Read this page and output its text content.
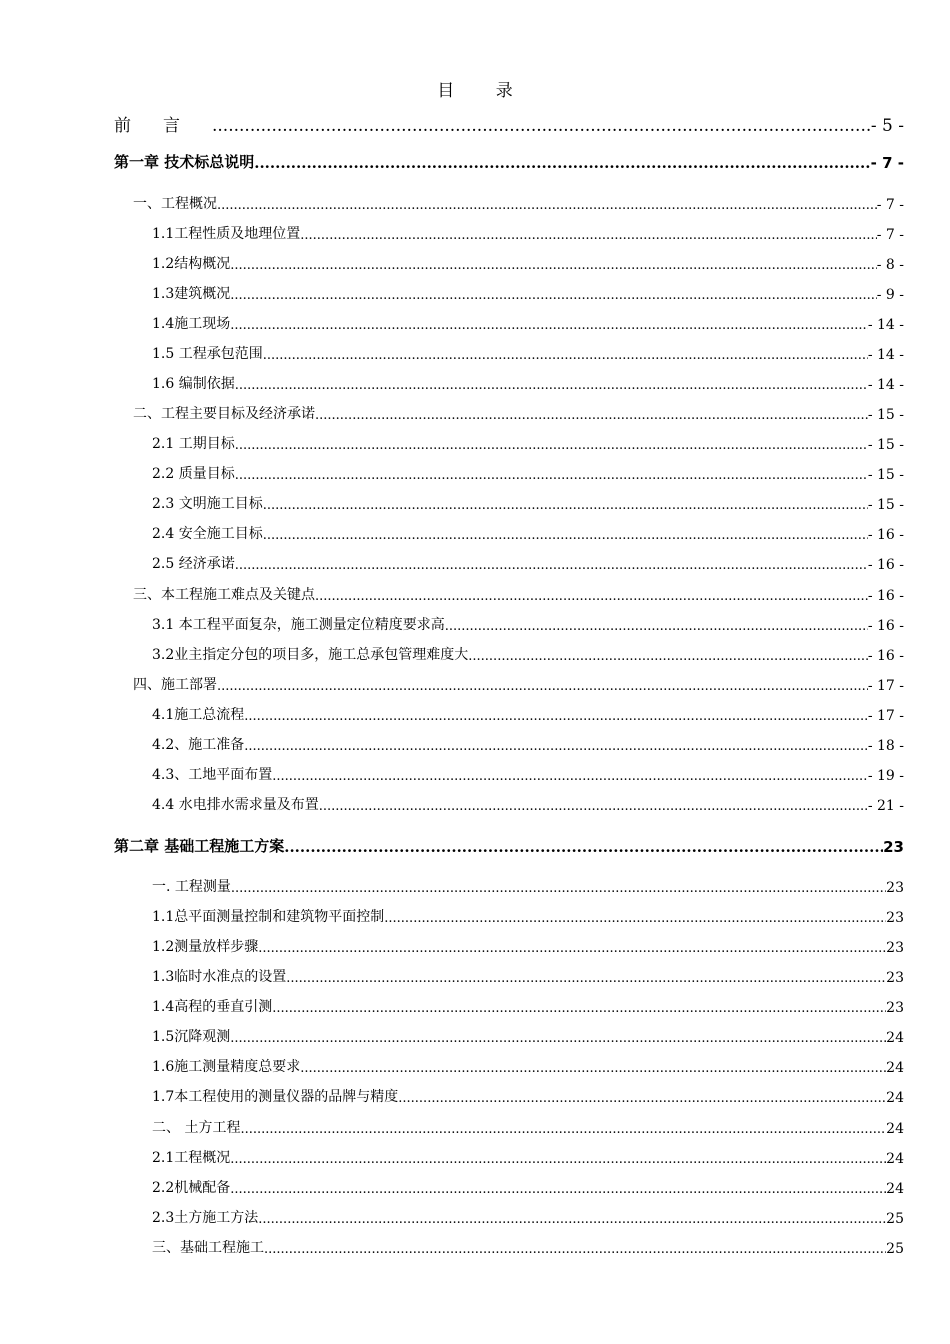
目 录
前言 .....	- 5 -
第一章 技术标总说明 .....	- 7 -
一、工程概况 .....	- 7 -
1.1工程性质及地理位置 .....	- 7 -
1.2结构概况 .....	- 8 -
1.3建筑概况 .....	- 9 -
1.4施工现场 .....	- 14 -
1.5 工程承包范围 .....	- 14 -
1.6 编制依据 .....	- 14 -
二、工程主要目标及经济承诺 .....	- 15 -
2.1 工期目标 .....	- 15 -
2.2 质量目标 .....	- 15 -
2.3 文明施工目标 .....	- 15 -
2.4 安全施工目标 .....	- 16 -
2.5 经济承诺 .....	- 16 -
三、本工程施工难点及关键点 .....	- 16 -
3.1 本工程平面复杂，施工测量定位精度要求高 .....	- 16 -
3.2业主指定分包的项目多，施工总承包管理难度大 .....	- 16 -
四、施工部署 .....	- 17 -
4.1施工总流程 .....	- 17 -
4.2、施工准备 .....	- 18 -
4.3、工地平面布置 .....	- 19 -
4.4 水电排水需求量及布置 .....	- 21 -
第二章 基础工程施工方案 .....	23
一. 工程测量 .....	23
1.1总平面测量控制和建筑物平面控制 .....	23
1.2测量放样步骤 .....	23
1.3临时水准点的设置 .....	23
1.4高程的垂直引测 .....	23
1.5沉降观测 .....	24
1.6施工测量精度总要求 .....	24
1.7本工程使用的测量仪器的品牌与精度 .....	24
二、 土方工程 .....	24
2.1工程概况 .....	24
2.2机械配备 .....	24
2.3土方施工方法 .....	25
三、基础工程施工 .....	25
